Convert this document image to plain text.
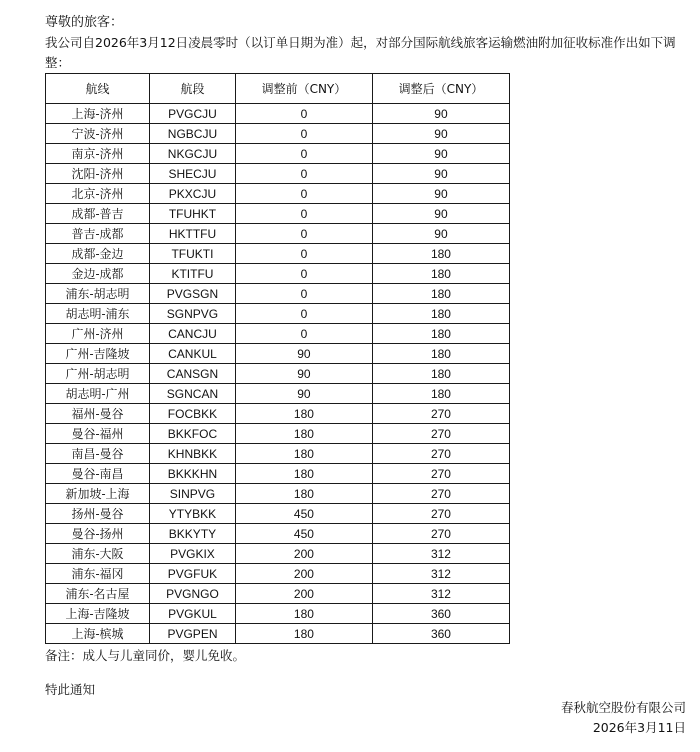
尊敬的旅客：
我公司自2026年3月12日凌晨零时（以订单日期为准）起，对部分国际航线旅客运输燃油附加征收标准作出如下调整：
航线	航段	调整前（CNY）	调整后（CNY）
上海-济州	PVGCJU	0	90
宁波-济州	NGBCJU	0	90
南京-济州	NKGCJU	0	90
沈阳-济州	SHECJU	0	90
北京-济州	PKXCJU	0	90
成都-普吉	TFUHKT	0	90
普吉-成都	HKTTFU	0	90
成都-金边	TFUKTI	0	180
金边-成都	KTITFU	0	180
浦东-胡志明	PVGSGN	0	180
胡志明-浦东	SGNPVG	0	180
广州-济州	CANCJU	0	180
广州-吉隆坡	CANKUL	90	180
广州-胡志明	CANSGN	90	180
胡志明-广州	SGNCAN	90	180
福州-曼谷	FOCBKK	180	270
曼谷-福州	BKKFOC	180	270
南昌-曼谷	KHNBKK	180	270
曼谷-南昌	BKKKHN	180	270
新加坡-上海	SINPVG	180	270
扬州-曼谷	YTYBKK	450	270
曼谷-扬州	BKKYTY	450	270
浦东-大阪	PVGKIX	200	312
浦东-福冈	PVGFUK	200	312
浦东-名古屋	PVGNGO	200	312
上海-吉隆坡	PVGKUL	180	360
上海-槟城	PVGPEN	180	360
备注：成人与儿童同价，婴儿免收。
特此通知
春秋航空股份有限公司
2026年3月11日
